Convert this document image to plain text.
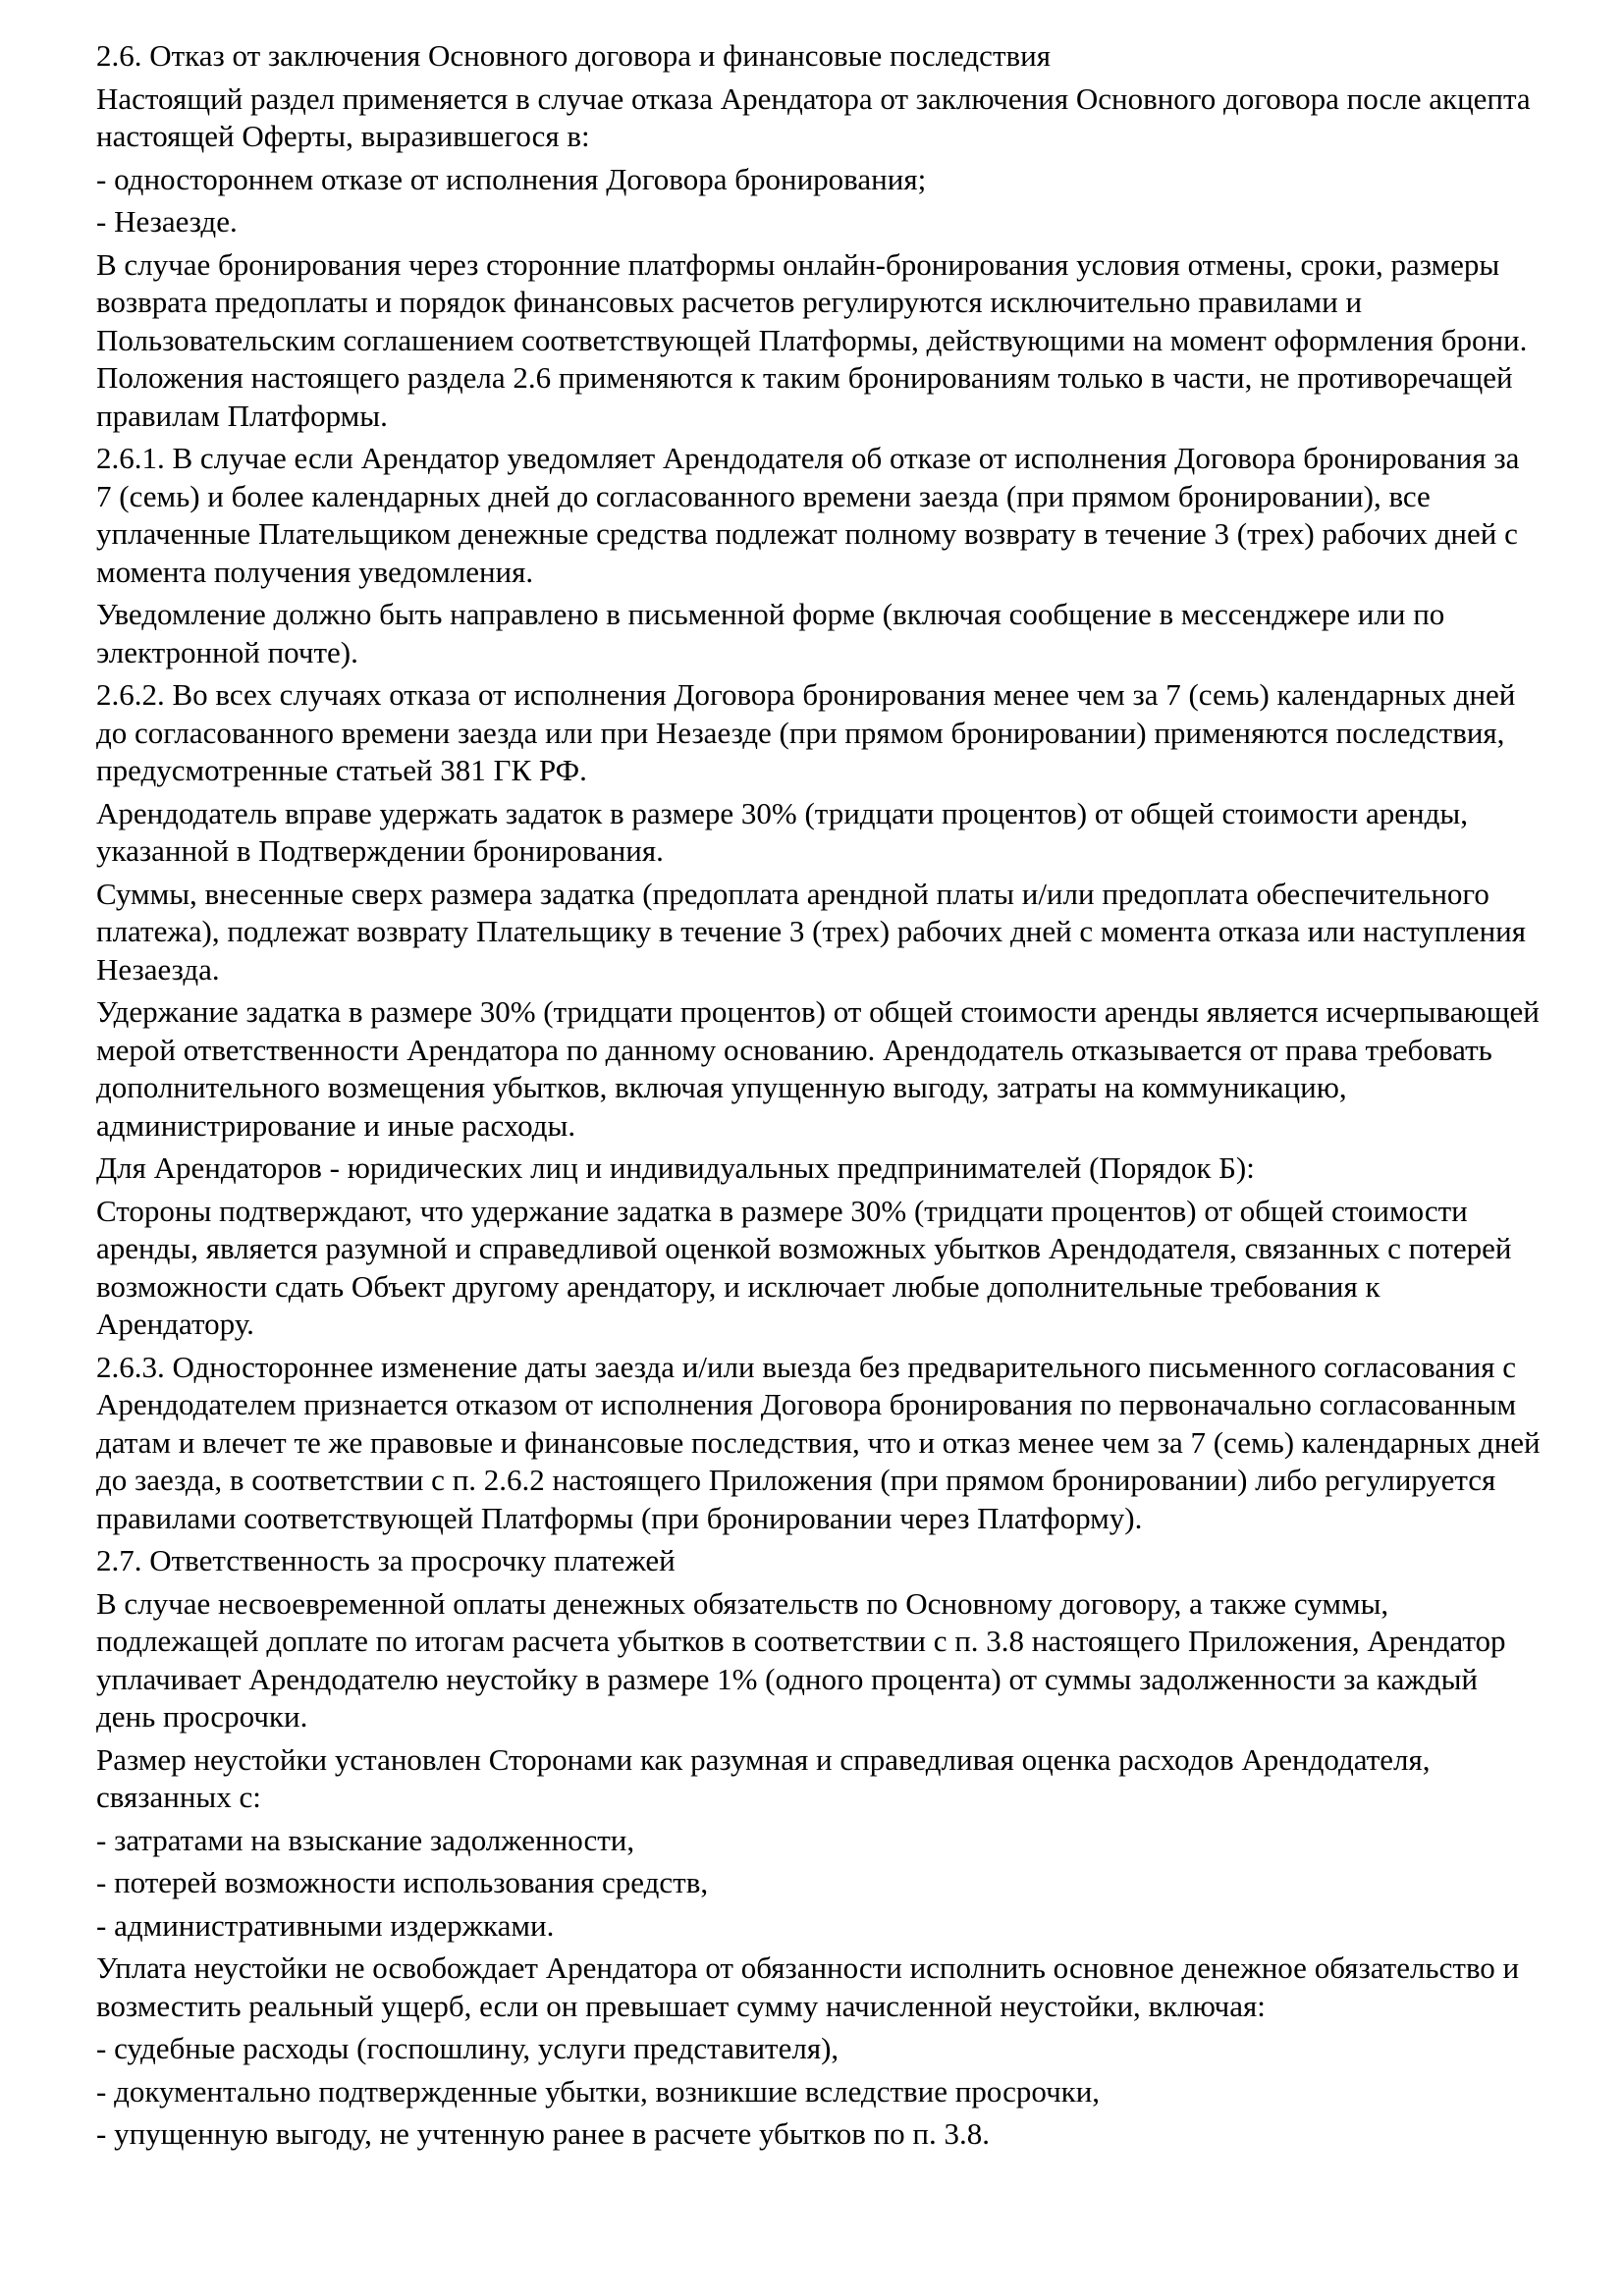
2.6. Отказ от заключения Основного договора и финансовые последствия

Настоящий раздел применяется в случае отказа Арендатора от заключения Основного договора после акцепта настоящей Оферты, выразившегося в:

- одностороннем отказе от исполнения Договора бронирования;

- Незаезде.

В случае бронирования через сторонние платформы онлайн-бронирования условия отмены, сроки, размеры возврата предоплаты и порядок финансовых расчетов регулируются исключительно правилами и Пользовательским соглашением соответствующей Платформы, действующими на момент оформления брони. Положения настоящего раздела 2.6 применяются к таким бронированиям только в части, не противоречащей правилам Платформы.

2.6.1. В случае если Арендатор уведомляет Арендодателя об отказе от исполнения Договора бронирования за 7 (семь) и более календарных дней до согласованного времени заезда (при прямом бронировании), все уплаченные Плательщиком денежные средства подлежат полному возврату в течение 3 (трех) рабочих дней с момента получения уведомления.

Уведомление должно быть направлено в письменной форме (включая сообщение в мессенджере или по электронной почте).

2.6.2. Во всех случаях отказа от исполнения Договора бронирования менее чем за 7 (семь) календарных дней до согласованного времени заезда или при Незаезде (при прямом бронировании) применяются последствия, предусмотренные статьей 381 ГК РФ.

Арендодатель вправе удержать задаток в размере 30% (тридцати процентов) от общей стоимости аренды, указанной в Подтверждении бронирования.

Суммы, внесенные сверх размера задатка (предоплата арендной платы и/или предоплата обеспечительного платежа), подлежат возврату Плательщику в течение 3 (трех) рабочих дней с момента отказа или наступления Незаезда.

Удержание задатка в размере 30% (тридцати процентов) от общей стоимости аренды является исчерпывающей мерой ответственности Арендатора по данному основанию. Арендодатель отказывается от права требовать дополнительного возмещения убытков, включая упущенную выгоду, затраты на коммуникацию, администрирование и иные расходы.

Для Арендаторов - юридических лиц и индивидуальных предпринимателей (Порядок Б):

Стороны подтверждают, что удержание задатка в размере 30% (тридцати процентов) от общей стоимости аренды, является разумной и справедливой оценкой возможных убытков Арендодателя, связанных с потерей возможности сдать Объект другому арендатору, и исключает любые дополнительные требования к Арендатору.

2.6.3. Одностороннее изменение даты заезда и/или выезда без предварительного письменного согласования с Арендодателем признается отказом от исполнения Договора бронирования по первоначально согласованным датам и влечет те же правовые и финансовые последствия, что и отказ менее чем за 7 (семь) календарных дней до заезда, в соответствии с п. 2.6.2 настоящего Приложения (при прямом бронировании) либо регулируется правилами соответствующей Платформы (при бронировании через Платформу).

2.7. Ответственность за просрочку платежей

В случае несвоевременной оплаты денежных обязательств по Основному договору, а также суммы, подлежащей доплате по итогам расчета убытков в соответствии с п. 3.8 настоящего Приложения, Арендатор уплачивает Арендодателю неустойку в размере 1% (одного процента) от суммы задолженности за каждый день просрочки.

Размер неустойки установлен Сторонами как разумная и справедливая оценка расходов Арендодателя, связанных с:

- затратами на взыскание задолженности,

- потерей возможности использования средств,

- административными издержками.

Уплата неустойки не освобождает Арендатора от обязанности исполнить основное денежное обязательство и возместить реальный ущерб, если он превышает сумму начисленной неустойки, включая:

- судебные расходы (госпошлину, услуги представителя),

- документально подтвержденные убытки, возникшие вследствие просрочки,

- упущенную выгоду, не учтенную ранее в расчете убытков по п. 3.8.
